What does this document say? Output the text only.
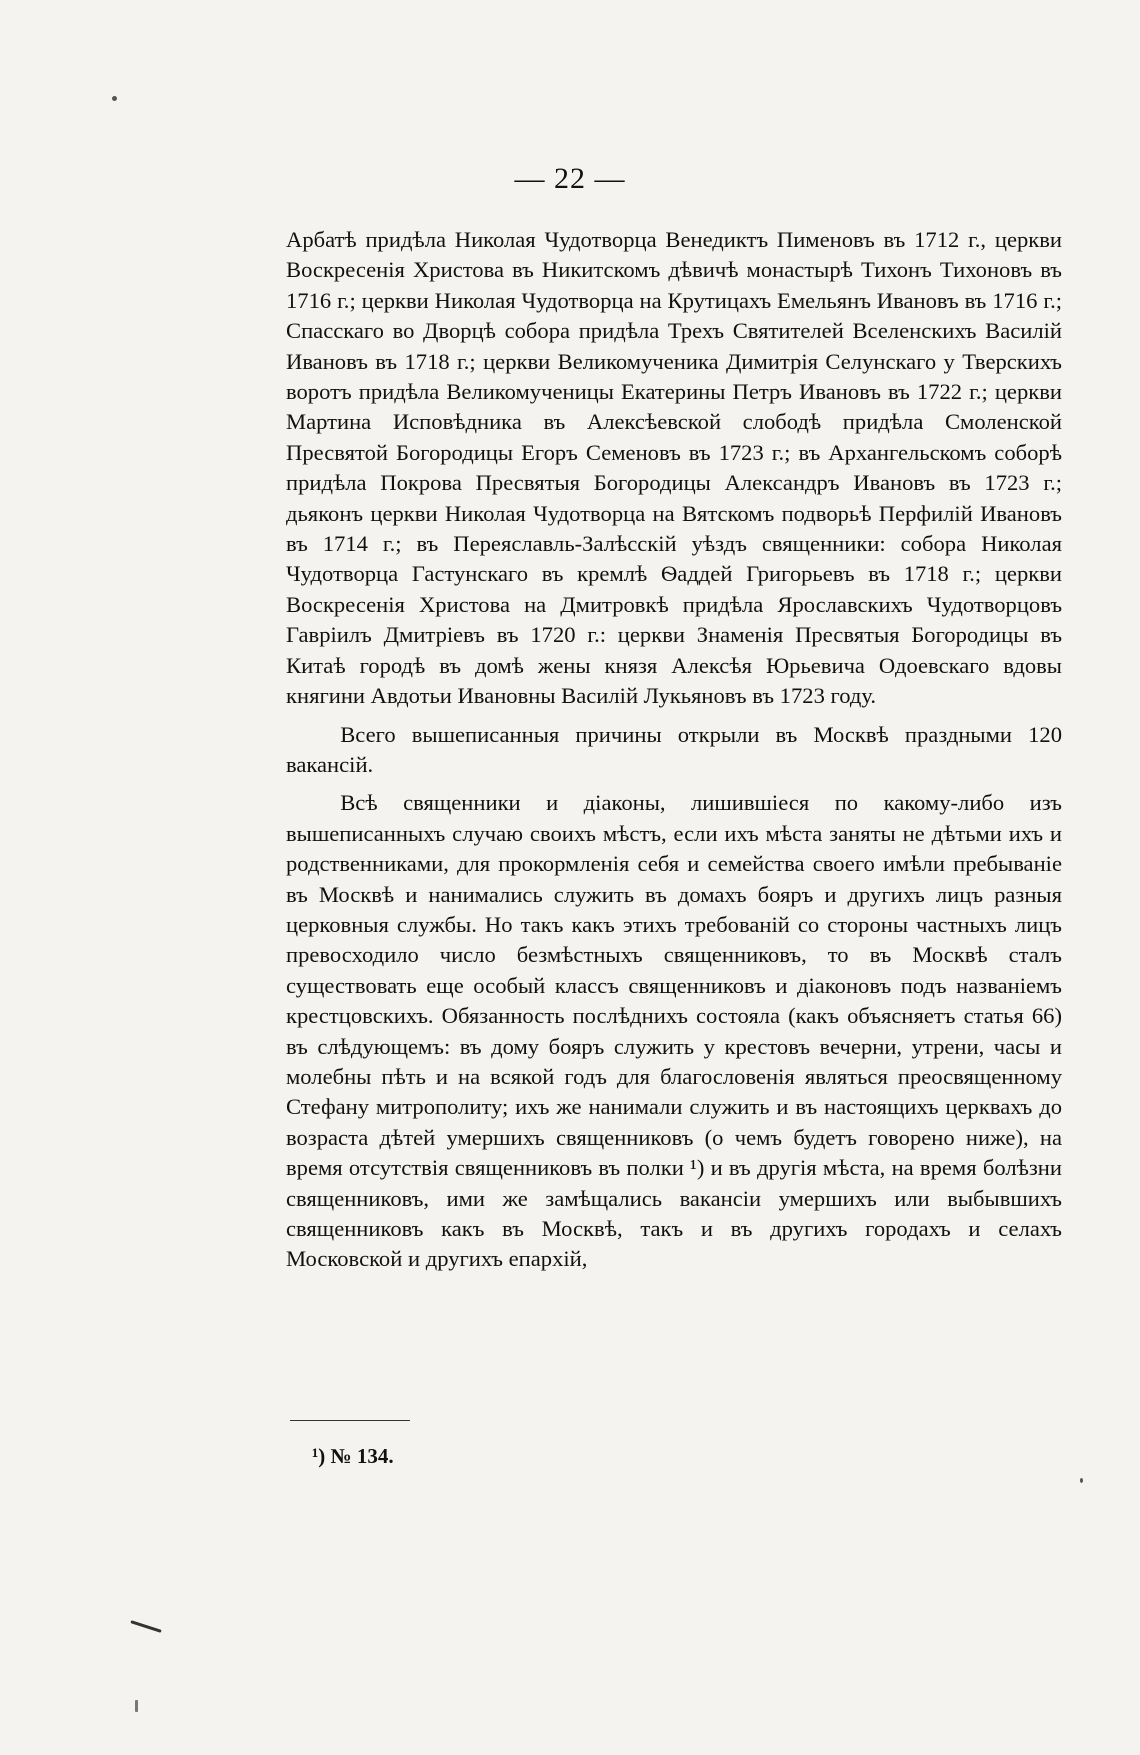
— 22 —

Арбатѣ придѣла Николая Чудотворца Венедиктъ Пименовъ въ 1712 г., церкви Воскресенія Христова въ Никитскомъ дѣвичѣ монастырѣ Тихонъ Тихоновъ въ 1716 г.; церкви Николая Чудотворца на Крутицахъ Емельянъ Ивановъ въ 1716 г.; Спасскаго во Дворцѣ собора придѣла Трехъ Святителей Вселенскихъ Василій Ивановъ въ 1718 г.; церкви Великомученика Димитрія Селунскаго у Тверскихъ воротъ придѣла Великомученицы Екатерины Петръ Ивановъ въ 1722 г.; церкви Мартина Исповѣдника въ Алексѣевской слободѣ придѣла Смоленской Пресвятой Богородицы Егоръ Семеновъ въ 1723 г.; въ Архангельскомъ соборѣ придѣла Покрова Пресвятыя Богородицы Александръ Ивановъ въ 1723 г.; дьяконъ церкви Николая Чудотворца на Вятскомъ подворьѣ Перфилій Ивановъ въ 1714 г.; въ Переяславль-Залѣсскій уѣздъ священники: собора Николая Чудотворца Гастунскаго въ кремлѣ Ѳаддей Григорьевъ въ 1718 г.; церкви Воскресенія Христова на Дмитровкѣ придѣла Ярославскихъ Чудотворцовъ Гавріилъ Дмитріевъ въ 1720 г.: церкви Знаменія Пресвятыя Богородицы въ Китаѣ городѣ въ домѣ жены князя Алексѣя Юрьевича Одоевскаго вдовы княгини Авдотьи Ивановны Василій Лукьяновъ въ 1723 году.

Всего вышеписанныя причины открыли въ Москвѣ праздными 120 вакансій.

Всѣ священники и діаконы, лишившіеся по какому-либо изъ вышеписанныхъ случаю своихъ мѣстъ, если ихъ мѣста заняты не дѣтьми ихъ и родственниками, для прокормленія себя и семейства своего имѣли пребываніе въ Москвѣ и нанимались служить въ домахъ бояръ и другихъ лицъ разныя церковныя службы. Но такъ какъ этихъ требованій со стороны частныхъ лицъ превосходило число безмѣстныхъ священниковъ, то въ Москвѣ сталъ существовать еще особый классъ священниковъ и діаконовъ подъ названіемъ крестцовскихъ. Обязанность послѣднихъ состояла (какъ объясняетъ статья 66) въ слѣдующемъ: въ дому бояръ служить у крестовъ вечерни, утрени, часы и молебны пѣть и на всякой годъ для благословенія являться преосвященному Стефану митрополиту; ихъ же нанимали служить и въ настоящихъ церквахъ до возраста дѣтей умершихъ священниковъ (о чемъ будетъ говорено ниже), на время отсутствія священниковъ въ полки ¹) и въ другія мѣста, на время болѣзни священниковъ, ими же замѣщались вакансіи умершихъ или выбывшихъ священниковъ какъ въ Москвѣ, такъ и въ другихъ городахъ и селахъ Московской и другихъ епархій,

¹) № 134.
